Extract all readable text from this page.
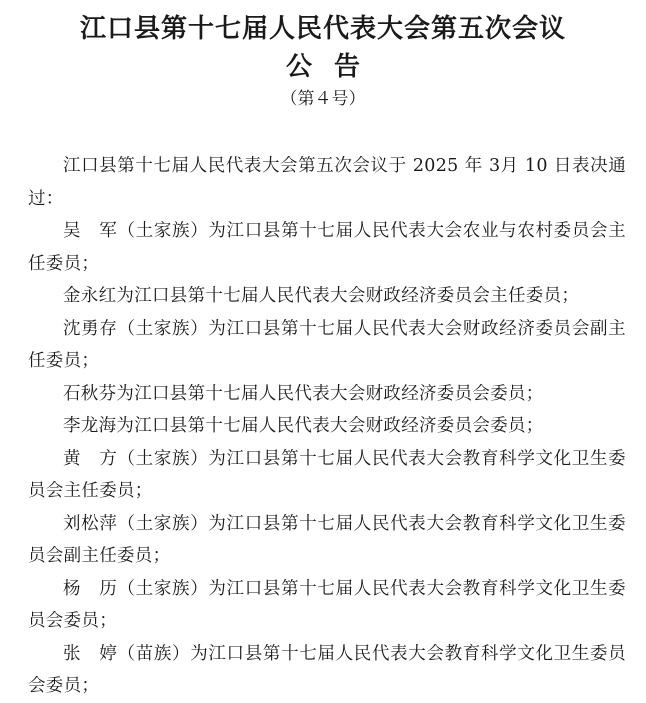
江口县第十七届人民代表大会第五次会议
公告
（第４号）

江口县第十七届人民代表大会第五次会议于 2025 年 3月 10 日表决通过：

吴　军（土家族）为江口县第十七届人民代表大会农业与农村委员会主任委员；

金永红为江口县第十七届人民代表大会财政经济委员会主任委员；

沈勇存（土家族）为江口县第十七届人民代表大会财政经济委员会副主任委员；

石秋芬为江口县第十七届人民代表大会财政经济委员会委员；

李龙海为江口县第十七届人民代表大会财政经济委员会委员；

黄　方（土家族）为江口县第十七届人民代表大会教育科学文化卫生委员会主任委员；

刘松萍（土家族）为江口县第十七届人民代表大会教育科学文化卫生委员会副主任委员；

杨　历（土家族）为江口县第十七届人民代表大会教育科学文化卫生委员会委员；

张　婷（苗族）为江口县第十七届人民代表大会教育科学文化卫生委员会委员；
